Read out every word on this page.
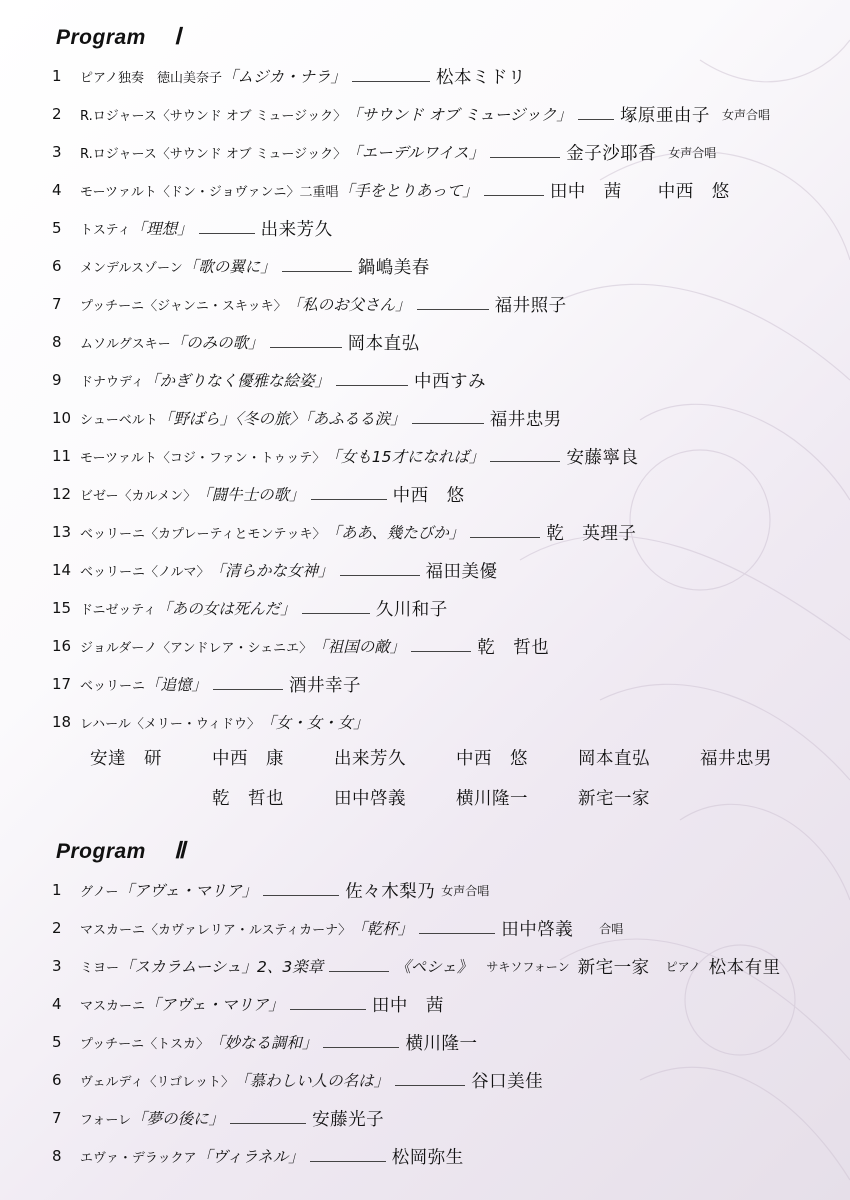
Program Ⅰ
1	ピアノ独奏　徳山美奈子 「ムジカ・ナラ」	松本ミドリ
2	R.ロジャース〈サウンド オブ ミュージック〉 「サウンド オブ ミュージック」	塚原亜由子 女声合唱
3	R.ロジャース〈サウンド オブ ミュージック〉 「エーデルワイス」	金子沙耶香 女声合唱
4	モーツァルト〈ドン・ジョヴァンニ〉二重唱 「手をとりあって」	田中　茜　　中西　悠
5	トスティ 「理想」	出来芳久
6	メンデルスゾーン 「歌の翼に」	鍋嶋美春
7	プッチーニ〈ジャンニ・スキッキ〉 「私のお父さん」	福井照子
8	ムソルグスキー 「のみの歌」	岡本直弘
9	ドナウディ 「かぎりなく優雅な絵姿」	中西すみ
10 シューベルト 「野ばら」〈冬の旅〉「あふるる涙」	福井忠男
11 モーツァルト〈コジ・ファン・トゥッテ〉 「女も15才になれば」	安藤寧良
12 ビゼー〈カルメン〉 「闘牛士の歌」	中西　悠
13 ベッリーニ〈カプレーティとモンテッキ〉 「ああ、幾たびか」	乾　英理子
14 ベッリーニ〈ノルマ〉 「清らかな女神」	福田美優
15 ドニゼッティ 「あの女は死んだ」	久川和子
16 ジョルダーノ〈アンドレア・シェニエ〉 「祖国の敵」	乾　哲也
17 ベッリーニ 「追憶」	酒井幸子
18 レハール〈メリー・ウィドウ〉 「女・女・女」
安達　研	中西　康	出来芳久	中西　悠	岡本直弘	福井忠男
乾　哲也	田中啓義	横川隆一	新宅一家
Program Ⅱ
1	グノー 「アヴェ・マリア」	佐々木梨乃 女声合唱
2	マスカーニ〈カヴァレリア・ルスティカーナ〉 「乾杯」	田中啓義 合唱
3	ミヨー 「スカラムーシュ」2、3楽章	《ペシェ》 サキソフォーン 新宅一家 ピアノ 松本有里
4	マスカーニ 「アヴェ・マリア」	田中　茜
5	プッチーニ〈トスカ〉 「妙なる調和」	横川隆一
6	ヴェルディ〈リゴレット〉 「慕わしい人の名は」	谷口美佳
7	フォーレ 「夢の後に」	安藤光子
8	エヴァ・デラックア 「ヴィラネル」	松岡弥生
